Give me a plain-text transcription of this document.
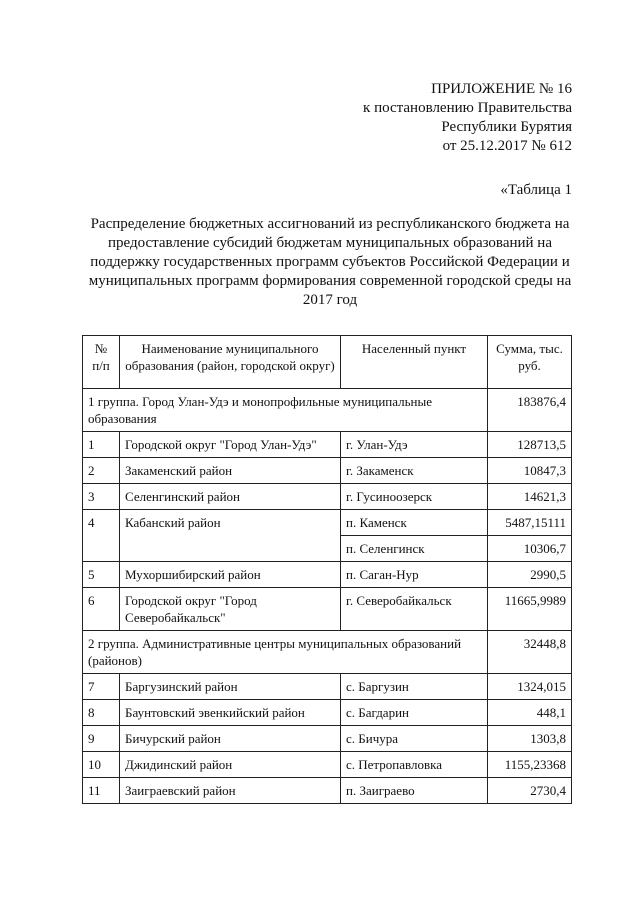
ПРИЛОЖЕНИЕ № 16
к постановлению Правительства
Республики Бурятия
от 25.12.2017 № 612
«Таблица 1
Распределение бюджетных ассигнований из республиканского бюджета на предоставление субсидий бюджетам муниципальных образований на поддержку государственных программ субъектов Российской Федерации и муниципальных программ формирования современной городской среды на 2017 год
№ п/п	Наименование муниципального образования (район, городской округ)	Населенный пункт	Сумма, тыс. руб.
1 группа. Город Улан-Удэ и монопрофильные муниципальные образования			183876,4
1	Городской округ "Город Улан-Удэ"	г. Улан-Удэ	128713,5
2	Закаменский район	г. Закаменск	10847,3
3	Селенгинский район	г. Гусиноозерск	14621,3
4	Кабанский район	п. Каменск	5487,15111
		п. Селенгинск	10306,7
5	Мухоршибирский район	п. Саган-Нур	2990,5
6	Городской округ "Город Северобайкальск"	г. Северобайкальск	11665,9989
2 группа. Административные центры муниципальных образований (районов)			32448,8
7	Баргузинский район	с. Баргузин	1324,015
8	Баунтовский эвенкийский район	с. Багдарин	448,1
9	Бичурский район	с. Бичура	1303,8
10	Джидинский район	с. Петропавловка	1155,23368
11	Заиграевский район	п. Заиграево	2730,4
